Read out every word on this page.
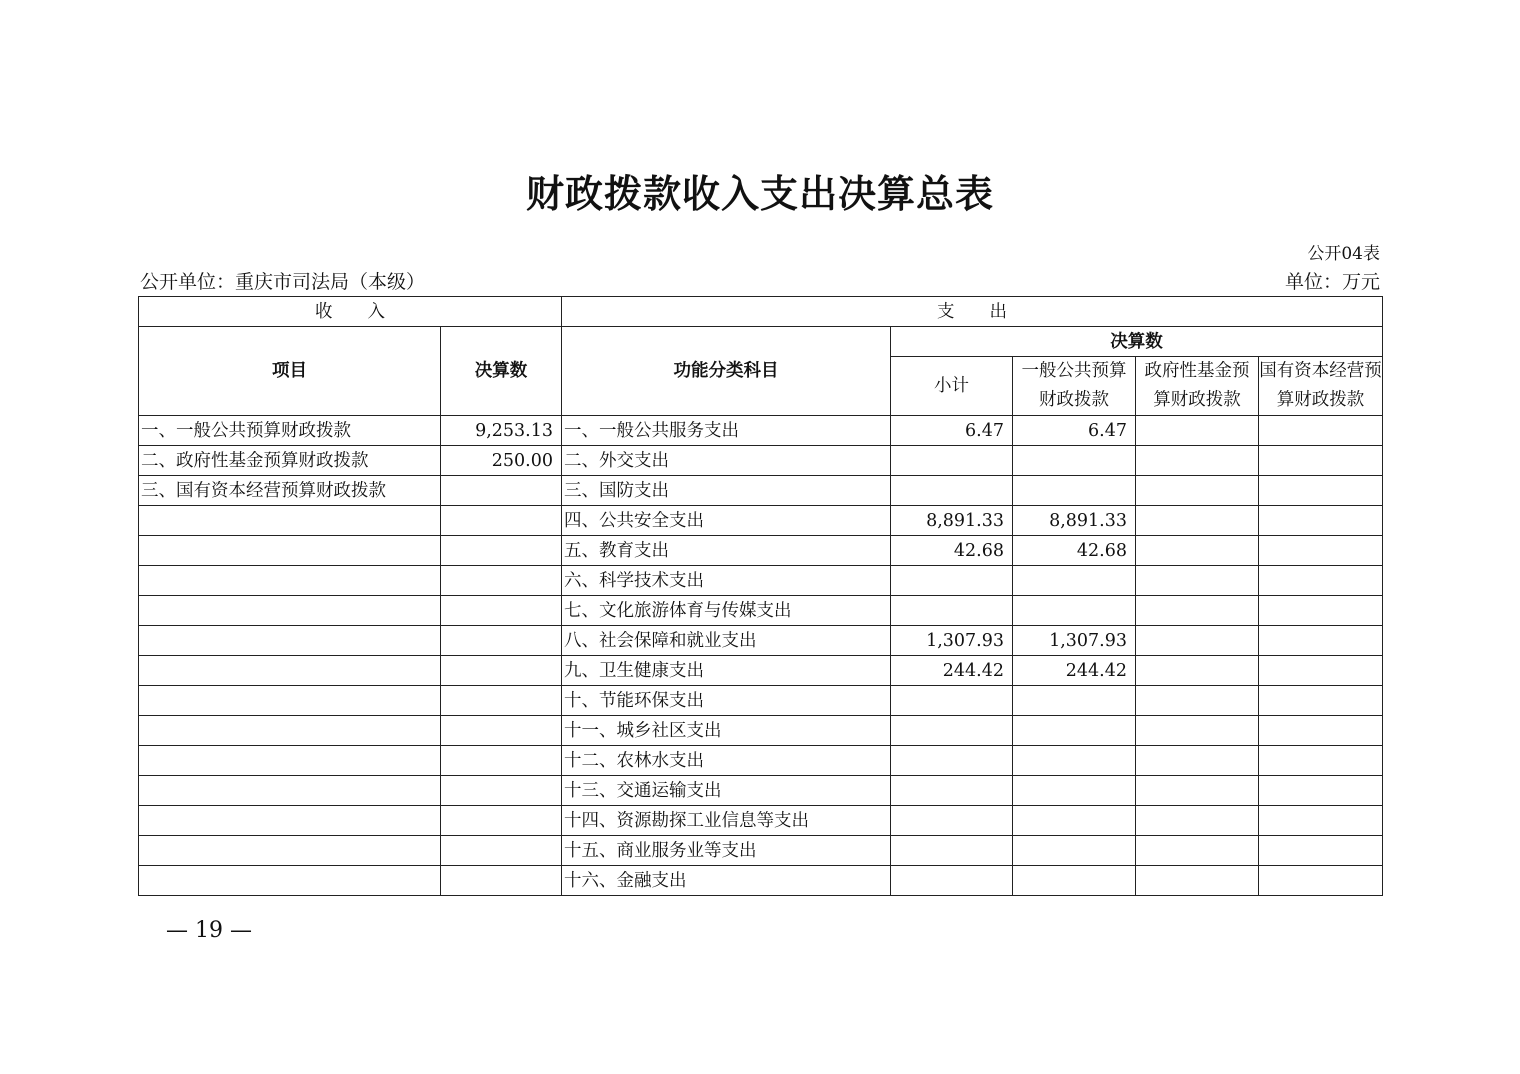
财政拨款收入支出决算总表
公开04表
公开单位：重庆市司法局（本级）	单位：万元
收　　入		支　　出				
项目	决算数	功能分类科目	决算数			
			小计	一般公共预算财政拨款	政府性基金预算财政拨款	国有资本经营预算财政拨款

一、一般公共预算财政拨款	9,253.13	一、一般公共服务支出	6.47	6.47		
二、政府性基金预算财政拨款	250.00	二、外交支出				
三、国有资本经营预算财政拨款		三、国防支出				
		四、公共安全支出	8,891.33	8,891.33		
		五、教育支出	42.68	42.68		
		六、科学技术支出				
		七、文化旅游体育与传媒支出				
		八、社会保障和就业支出	1,307.93	1,307.93		
		九、卫生健康支出	244.42	244.42		
		十、节能环保支出				
		十一、城乡社区支出				
		十二、农林水支出				
		十三、交通运输支出				
		十四、资源勘探工业信息等支出				
		十五、商业服务业等支出				
		十六、金融支出				
— 19 —
